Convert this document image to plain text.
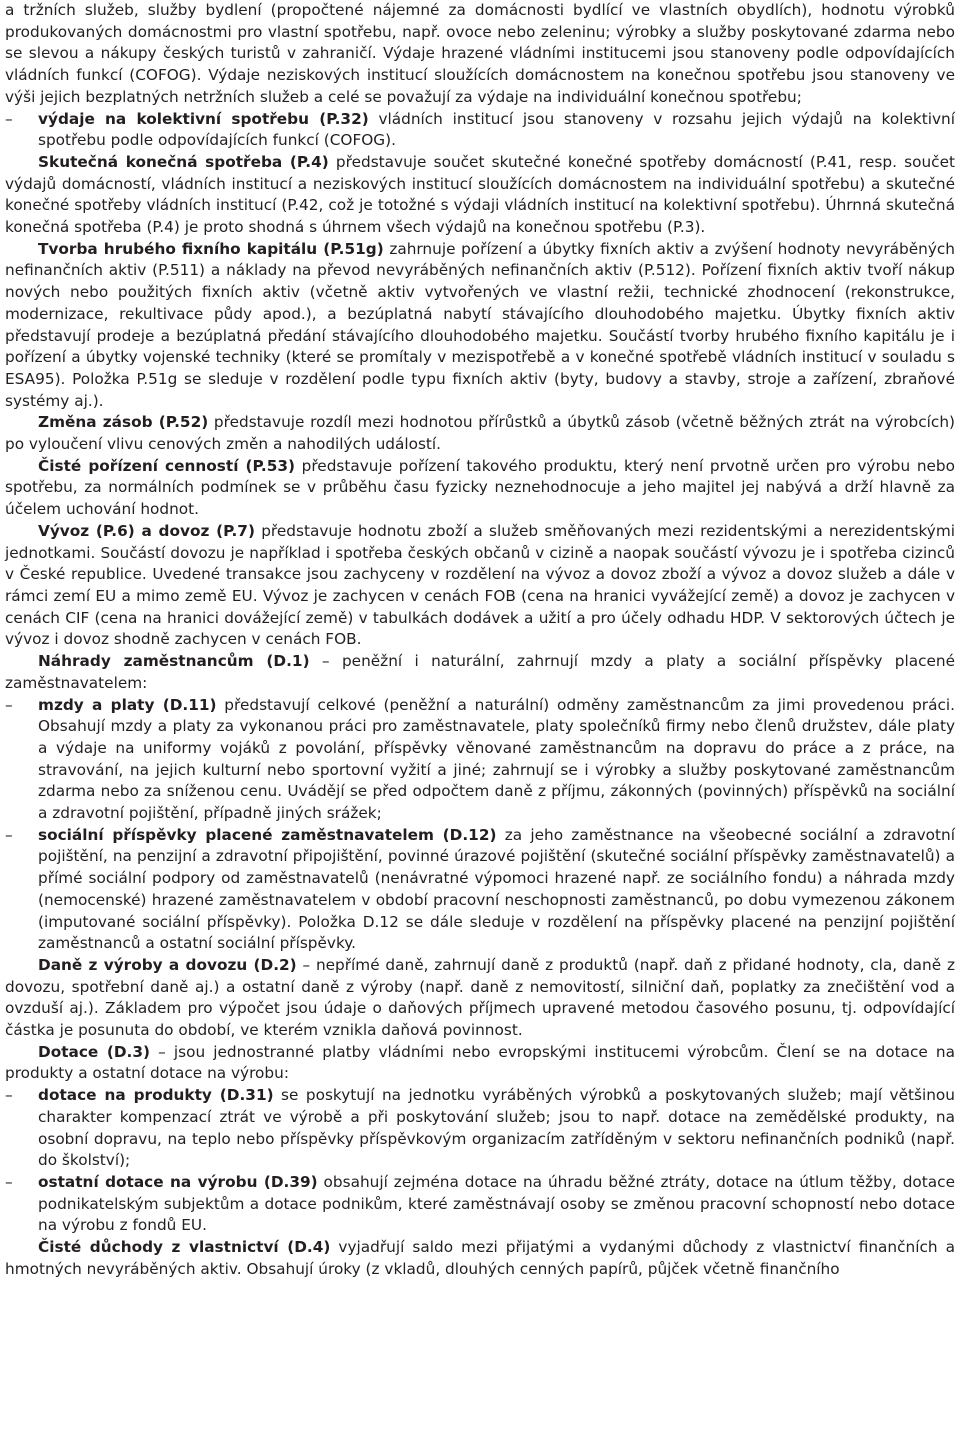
a tržních služeb, služby bydlení (propočtené nájemné za domácnosti bydlící ve vlastních obydlích), hodnotu výrobků produkovaných domácnostmi pro vlastní spotřebu, např. ovoce nebo zeleninu; výrobky a služby poskytované zdarma nebo se slevou a nákupy českých turistů v zahraničí. Výdaje hrazené vládními institucemi jsou stanoveny podle odpovídajících vládních funkcí (COFOG). Výdaje neziskových institucí sloužících domácnostem na konečnou spotřebu jsou stanoveny ve výši jejich bezplatných netržních služeb a celé se považují za výdaje na individuální konečnou spotřebu;
– výdaje na kolektivní spotřebu (P.32) vládních institucí jsou stanoveny v rozsahu jejich výdajů na kolektivní spotřebu podle odpovídajících funkcí (COFOG).
Skutečná konečná spotřeba (P.4) představuje součet skutečné konečné spotřeby domácností (P.41, resp. součet výdajů domácností, vládních institucí a neziskových institucí sloužících domácnostem na individuální spotřebu) a skutečné konečné spotřeby vládních institucí (P.42, což je totožné s výdaji vládních institucí na kolektivní spotřebu). Úhrnná skutečná konečná spotřeba (P.4) je proto shodná s úhrnem všech výdajů na konečnou spotřebu (P.3).
Tvorba hrubého fixního kapitálu (P.51g) zahrnuje pořízení a úbytky fixních aktiv a zvýšení hodnoty nevyráběných nefinančních aktiv (P.511) a náklady na převod nevyráběných nefinančních aktiv (P.512). Pořízení fixních aktiv tvoří nákup nových nebo použitých fixních aktiv (včetně aktiv vytvořených ve vlastní režii, technické zhodnocení (rekonstrukce, modernizace, rekultivace půdy apod.), a bezúplatná nabytí stávajícího dlouhodobého majetku. Úbytky fixních aktiv představují prodeje a bezúplatná předání stávajícího dlouhodobého majetku. Součástí tvorby hrubého fixního kapitálu je i pořízení a úbytky vojenské techniky (které se promítaly v mezispotřebě a v konečné spotřebě vládních institucí v souladu s ESA95). Položka P.51g se sleduje v rozdělení podle typu fixních aktiv (byty, budovy a stavby, stroje a zařízení, zbraňové systémy aj.).
Změna zásob (P.52) představuje rozdíl mezi hodnotou přírůstků a úbytků zásob (včetně běžných ztrát na výrobcích) po vyloučení vlivu cenových změn a nahodilých událostí.
Čisté pořízení cenností (P.53) představuje pořízení takového produktu, který není prvotně určen pro výrobu nebo spotřebu, za normálních podmínek se v průběhu času fyzicky neznehodnocuje a jeho majitel jej nabývá a drží hlavně za účelem uchování hodnot.
Vývoz (P.6) a dovoz (P.7) představuje hodnotu zboží a služeb směňovaných mezi rezidentskými a nerezidentskými jednotkami. Součástí dovozu je například i spotřeba českých občanů v cizině a naopak součástí vývozu je i spotřeba cizinců v České republice. Uvedené transakce jsou zachyceny v rozdělení na vývoz a dovoz zboží a vývoz a dovoz služeb a dále v rámci zemí EU a mimo země EU. Vývoz je zachycen v cenách FOB (cena na hranici vyvážející země) a dovoz je zachycen v cenách CIF (cena na hranici dovážející země) v tabulkách dodávek a užití a pro účely odhadu HDP. V sektorových účtech je vývoz i dovoz shodně zachycen v cenách FOB.
Náhrady zaměstnancům (D.1) – peněžní i naturální, zahrnují mzdy a platy a sociální příspěvky placené zaměstnavatelem:
– mzdy a platy (D.11) představují celkové (peněžní a naturální) odměny zaměstnancům za jimi provedenou práci. Obsahují mzdy a platy za vykonanou práci pro zaměstnavatele, platy společníků firmy nebo členů družstev, dále platy a výdaje na uniformy vojáků z povolání, příspěvky věnované zaměstnancům na dopravu do práce a z práce, na stravování, na jejich kulturní nebo sportovní vyžití a jiné; zahrnují se i výrobky a služby poskytované zaměstnancům zdarma nebo za sníženou cenu. Uvádějí se před odpočtem daně z příjmu, zákonných (povinných) příspěvků na sociální a zdravotní pojištění, případně jiných srážek;
– sociální příspěvky placené zaměstnavatelem (D.12) za jeho zaměstnance na všeobecné sociální a zdravotní pojištění, na penzijní a zdravotní připojištění, povinné úrazové pojištění (skutečné sociální příspěvky zaměstnavatelů) a přímé sociální podpory od zaměstnavatelů (nenávratné výpomoci hrazené např. ze sociálního fondu) a náhrada mzdy (nemocenské) hrazené zaměstnavatelem v období pracovní neschopnosti zaměstnanců, po dobu vymezenou zákonem (imputované sociální příspěvky). Položka D.12 se dále sleduje v rozdělení na příspěvky placené na penzijní pojištění zaměstnanců a ostatní sociální příspěvky.
Daně z výroby a dovozu (D.2) – nepřímé daně, zahrnují daně z produktů (např. daň z přidané hodnoty, cla, daně z dovozu, spotřební daně aj.) a ostatní daně z výroby (např. daně z nemovitostí, silniční daň, poplatky za znečištění vod a ovzduší aj.). Základem pro výpočet jsou údaje o daňových příjmech upravené metodou časového posunu, tj. odpovídající částka je posunuta do období, ve kterém vznikla daňová povinnost.
Dotace (D.3) – jsou jednostranné platby vládními nebo evropskými institucemi výrobcům. Člení se na dotace na produkty a ostatní dotace na výrobu:
– dotace na produkty (D.31) se poskytují na jednotku vyráběných výrobků a poskytovaných služeb; mají většinou charakter kompenzací ztrát ve výrobě a při poskytování služeb; jsou to např. dotace na zemědělské produkty, na osobní dopravu, na teplo nebo příspěvky příspěvkovým organizacím zatříděným v sektoru nefinančních podniků (např. do školství);
– ostatní dotace na výrobu (D.39) obsahují zejména dotace na úhradu běžné ztráty, dotace na útlum těžby, dotace podnikatelským subjektům a dotace podnikům, které zaměstnávají osoby se změnou pracovní schopností nebo dotace na výrobu z fondů EU.
Čisté důchody z vlastnictví (D.4) vyjadřují saldo mezi přijatými a vydanými důchody z vlastnictví finančních a hmotných nevyráběných aktiv. Obsahují úroky (z vkladů, dlouhých cenných papírů, půjček včetně finančního
